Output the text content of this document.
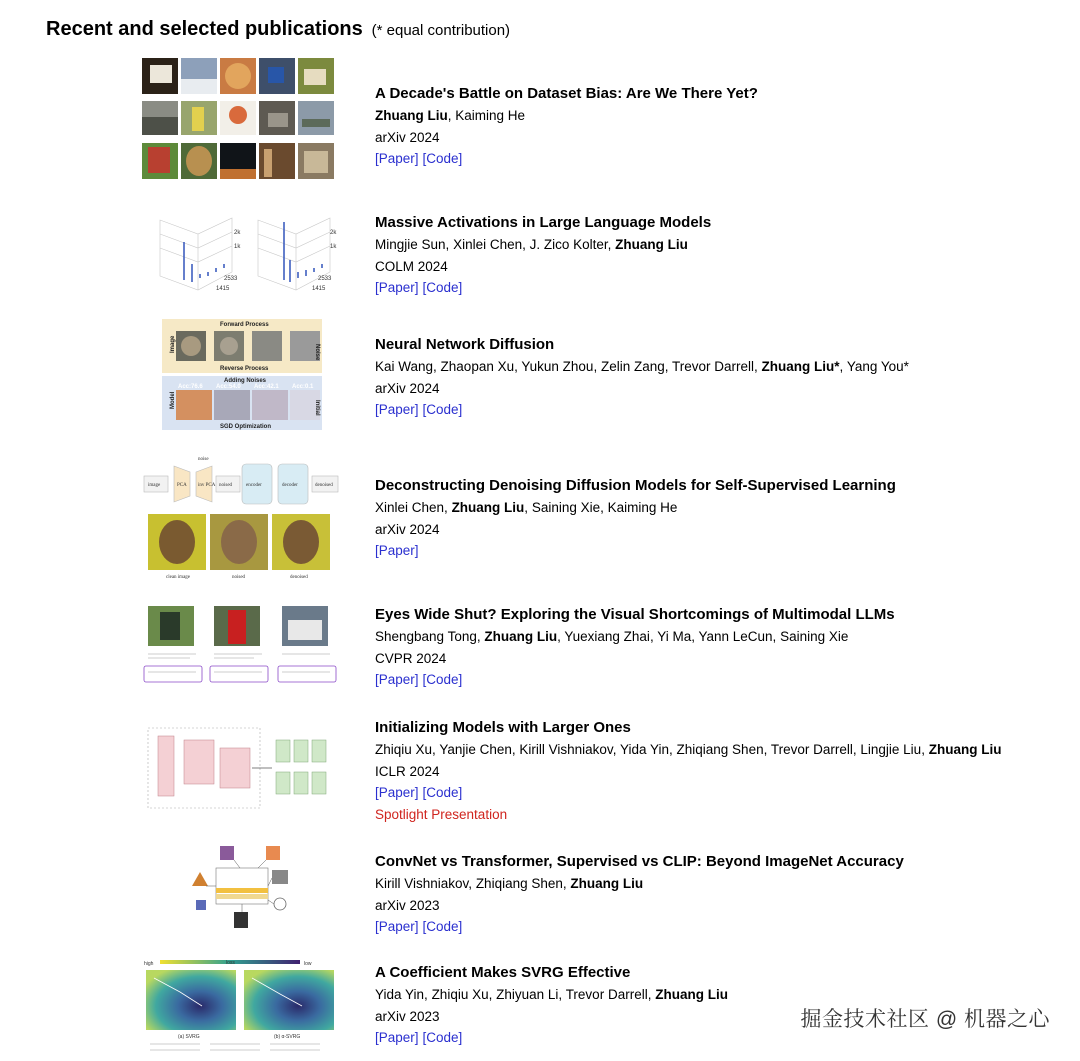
Recent and selected publications (* equal contribution)
2k
1k
2533
1415
2k
1k
2533
1415
Forward Process
Reverse Process
Adding Noises
SGD Optimization
Acc:76.6 Acc:54.0 Acc:42.1 Acc:0.1
Image	Noise
Model	Initial
image	PCA inv PCA noised	encoder	decoder	denoised
noise
clean image	noised	denoised
high	loss	low
(a) SVRG	(b) α-SVRG
A Decade's Battle on Dataset Bias: Are We There Yet?
Zhuang Liu, Kaiming He
arXiv 2024
[Paper] [Code]
Massive Activations in Large Language Models
Mingjie Sun, Xinlei Chen, J. Zico Kolter, Zhuang Liu
COLM 2024
[Paper] [Code]
Neural Network Diffusion
Kai Wang, Zhaopan Xu, Yukun Zhou, Zelin Zang, Trevor Darrell, Zhuang Liu*, Yang You*
arXiv 2024
[Paper] [Code]
Deconstructing Denoising Diffusion Models for Self-Supervised Learning
Xinlei Chen, Zhuang Liu, Saining Xie, Kaiming He
arXiv 2024
[Paper]
Eyes Wide Shut? Exploring the Visual Shortcomings of Multimodal LLMs
Shengbang Tong, Zhuang Liu, Yuexiang Zhai, Yi Ma, Yann LeCun, Saining Xie
CVPR 2024
[Paper] [Code]
Initializing Models with Larger Ones
Zhiqiu Xu, Yanjie Chen, Kirill Vishniakov, Yida Yin, Zhiqiang Shen, Trevor Darrell, Lingjie Liu, Zhuang Liu
ICLR 2024
[Paper] [Code]
Spotlight Presentation
ConvNet vs Transformer, Supervised vs CLIP: Beyond ImageNet Accuracy
Kirill Vishniakov, Zhiqiang Shen, Zhuang Liu
arXiv 2023
[Paper] [Code]
A Coefficient Makes SVRG Effective
Yida Yin, Zhiqiu Xu, Zhiyuan Li, Trevor Darrell, Zhuang Liu
arXiv 2023
[Paper] [Code]
掘金技术社区 @ 机器之心
